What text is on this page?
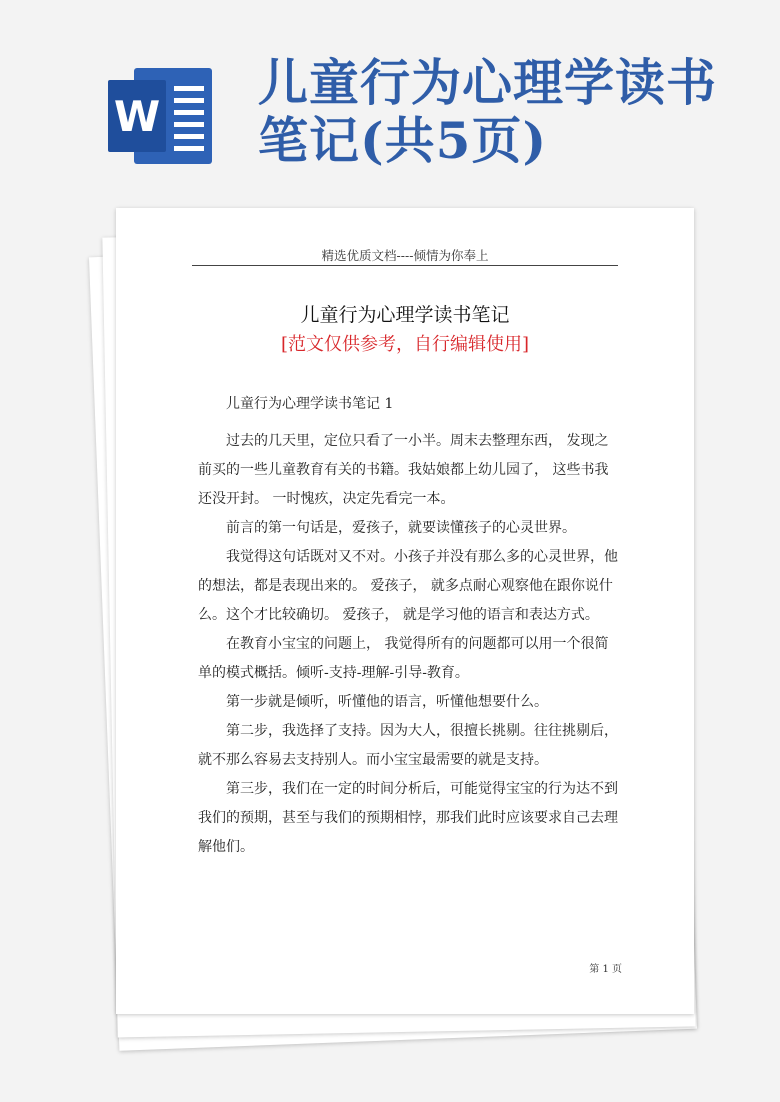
W
儿童行为心理学读书笔记(共5页)
精选优质文档----倾情为你奉上
儿童行为心理学读书笔记
[范文仅供参考，自行编辑使用]

儿童行为心理学读书笔记 1

过去的几天里，定位只看了一小半。周末去整理东西， 发现之前买的一些儿童教育有关的书籍。我姑娘都上幼儿园了， 这些书我还没开封。 一时愧疚，决定先看完一本。

前言的第一句话是，爱孩子，就要读懂孩子的心灵世界。

我觉得这句话既对又不对。小孩子并没有那么多的心灵世界，他的想法，都是表现出来的。 爱孩子， 就多点耐心观察他在跟你说什么。这个才比较确切。 爱孩子， 就是学习他的语言和表达方式。

在教育小宝宝的问题上， 我觉得所有的问题都可以用一个很简单的模式概括。倾听-支持-理解-引导-教育。

第一步就是倾听，听懂他的语言，听懂他想要什么。

第二步，我选择了支持。因为大人，很擅长挑剔。往往挑剔后，就不那么容易去支持别人。而小宝宝最需要的就是支持。

第三步，我们在一定的时间分析后，可能觉得宝宝的行为达不到我们的预期，甚至与我们的预期相悖，那我们此时应该要求自己去理解他们。

第 1 页
